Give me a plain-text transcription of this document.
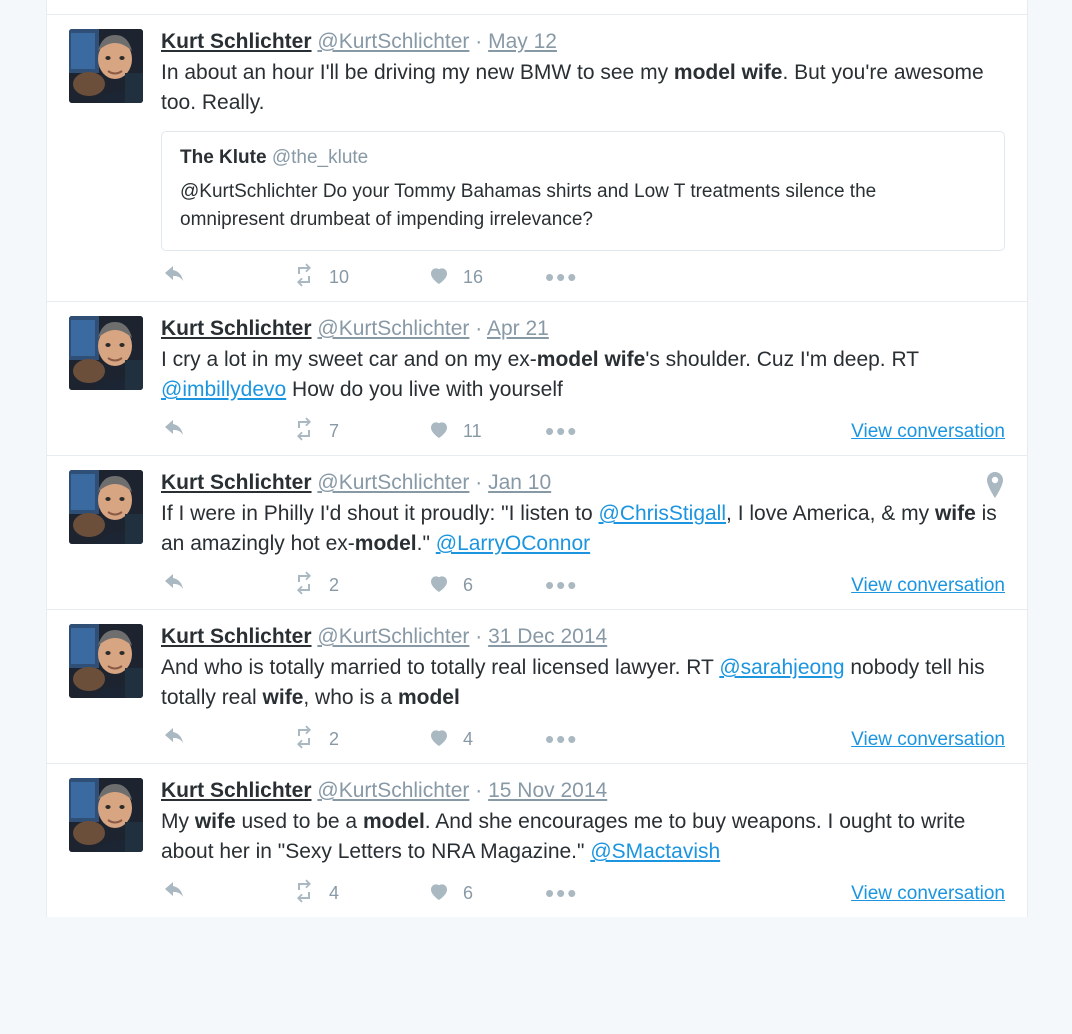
Kurt Schlichter @KurtSchlichter · May 12
In about an hour I'll be driving my new BMW to see my model wife. But you're awesome too. Really.
The Klute @the_klute
@KurtSchlichter Do your Tommy Bahamas shirts and Low T treatments silence the omnipresent drumbeat of impending irrelevance?
10	16 •••
Kurt Schlichter @KurtSchlichter · Apr 21
I cry a lot in my sweet car and on my ex-model wife's shoulder. Cuz I'm deep. RT @imbillydevo How do you live with yourself
7	11 •••	View conversation
Kurt Schlichter @KurtSchlichter · Jan 10
If I were in Philly I'd shout it proudly: "I listen to @ChrisStigall, I love America, & my wife is an amazingly hot ex-model." @LarryOConnor
2	6	•••	View conversation
Kurt Schlichter @KurtSchlichter · 31 Dec 2014
And who is totally married to totally real licensed lawyer. RT @sarahjeong nobody tell his totally real wife, who is a model
2	4	•••	View conversation
Kurt Schlichter @KurtSchlichter · 15 Nov 2014
My wife used to be a model. And she encourages me to buy weapons. I ought to write about her in "Sexy Letters to NRA Magazine." @SMactavish
4	6	•••	View conversation
